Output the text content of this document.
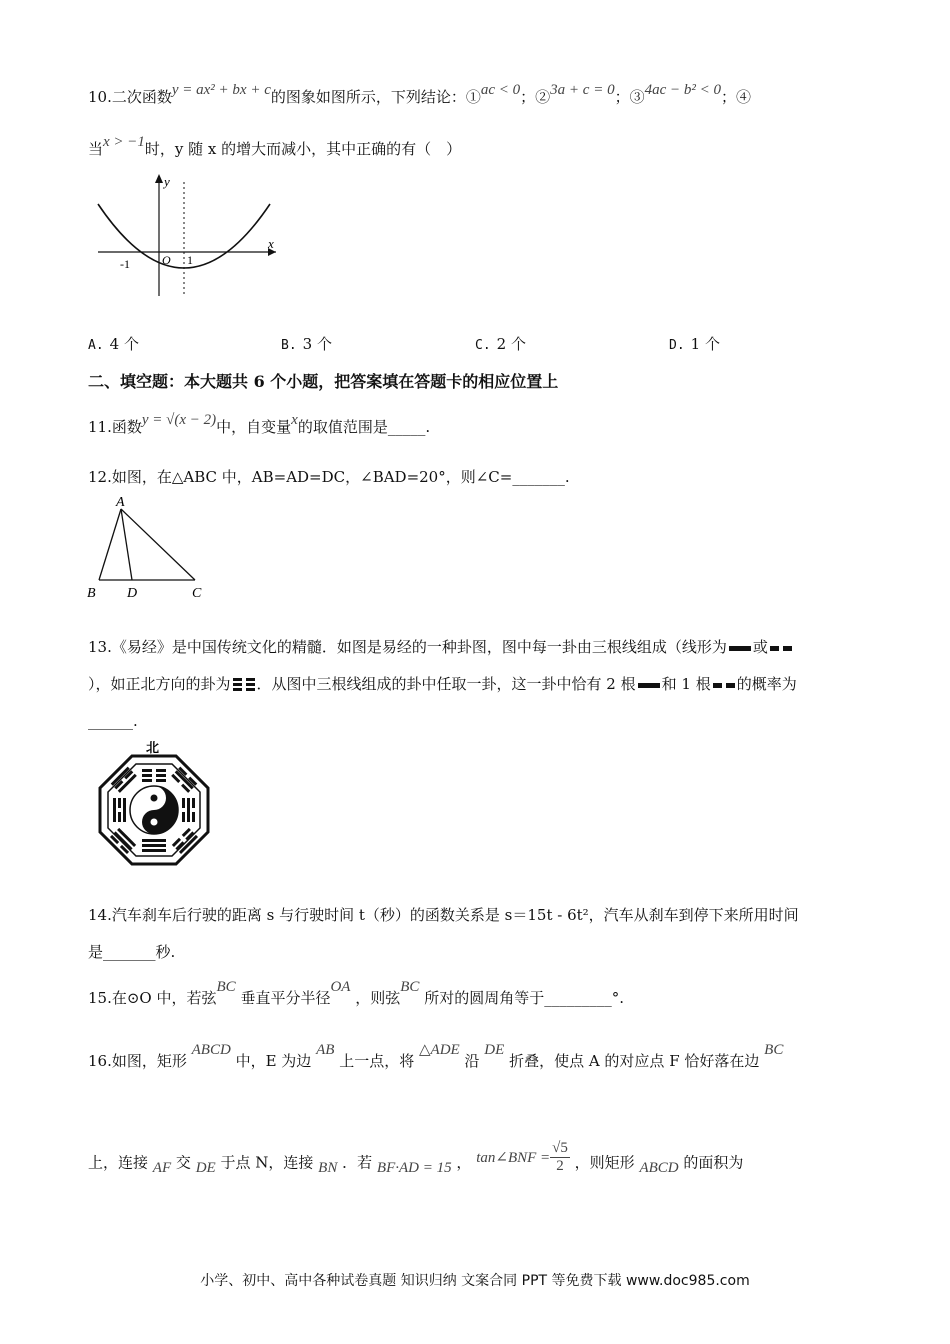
10.二次函数y = ax² + bx + c的图象如图所示，下列结论：①ac < 0；②3a + c = 0；③4ac − b² < 0；④
当x > −1时，y 随 x 的增大而减小，其中正确的有（　）
y
x
O
-1	1
A. 4 个	B. 3 个	C. 2 个	D. 1 个
二、填空题：本大题共 6 个小题，把答案填在答题卡的相应位置上
11.函数y = √(x − 2)中，自变量x的取值范围是_____.
12.如图，在△ABC 中，AB=AD=DC，∠BAD=20°，则∠C=_______.
A
B D	C
13.《易经》是中国传统文化的精髓．如图是易经的一种卦图，图中每一卦由三根线组成（线形为 或
），如正北方向的卦为 ．从图中三根线组成的卦中任取一卦，这一卦中恰有 2 根 和 1 根 的概率为
______.
北
14.汽车刹车后行驶的距离 s 与行驶时间 t（秒）的函数关系是 s＝15t - 6t²，汽车从刹车到停下来所用时间
是_______秒.
15.在⊙O 中，若弦BC 垂直平分半径OA ，则弦BC 所对的圆周角等于_________°.
16.如图，矩形 ABCD 中，E 为边 AB 上一点，将 △ADE 沿 DE 折叠，使点 A 的对应点 F 恰好落在边 BC
上，连接 AF 交 DE 于点 N，连接 BN ．若 BF·AD = 15 ， tan∠BNF = $\frac{√5}{2}$ ，则矩形 ABCD 的面积为
小学、初中、高中各种试卷真题 知识归纳 文案合同 PPT 等免费下载 www.doc985.com
